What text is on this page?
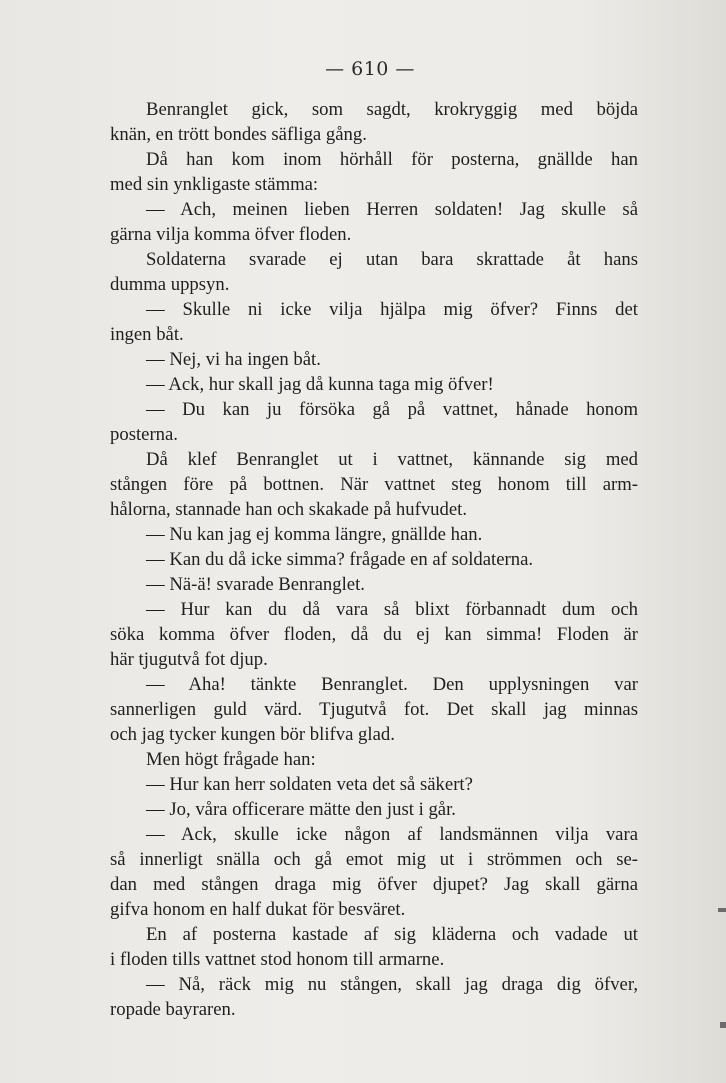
— 610 —
Benranglet gick, som sagdt, krokryggig med böjda
knän, en trött bondes säfliga gång.
Då han kom inom hörhåll för posterna, gnällde han
med sin ynkligaste stämma:
— Ach, meinen lieben Herren soldaten! Jag skulle så
gärna vilja komma öfver floden.
Soldaterna svarade ej utan bara skrattade åt hans
dumma uppsyn.
— Skulle ni icke vilja hjälpa mig öfver? Finns det
ingen båt.
— Nej, vi ha ingen båt.
— Ack, hur skall jag då kunna taga mig öfver!
— Du kan ju försöka gå på vattnet, hånade honom
posterna.
Då klef Benranglet ut i vattnet, kännande sig med
stången före på bottnen. När vattnet steg honom till arm-
hålorna, stannade han och skakade på hufvudet.
— Nu kan jag ej komma längre, gnällde han.
— Kan du då icke simma? frågade en af soldaterna.
— Nä-ä! svarade Benranglet.
— Hur kan du då vara så blixt förbannadt dum och
söka komma öfver floden, då du ej kan simma! Floden är
här tjugutvå fot djup.
— Aha! tänkte Benranglet. Den upplysningen var
sannerligen guld värd. Tjugutvå fot. Det skall jag minnas
och jag tycker kungen bör blifva glad.
Men högt frågade han:
— Hur kan herr soldaten veta det så säkert?
— Jo, våra officerare mätte den just i går.
— Ack, skulle icke någon af landsmännen vilja vara
så innerligt snälla och gå emot mig ut i strömmen och se-
dan med stången draga mig öfver djupet? Jag skall gärna
gifva honom en half dukat för besväret.
En af posterna kastade af sig kläderna och vadade ut
i floden tills vattnet stod honom till armarne.
— Nå, räck mig nu stången, skall jag draga dig öfver,
ropade bayraren.
